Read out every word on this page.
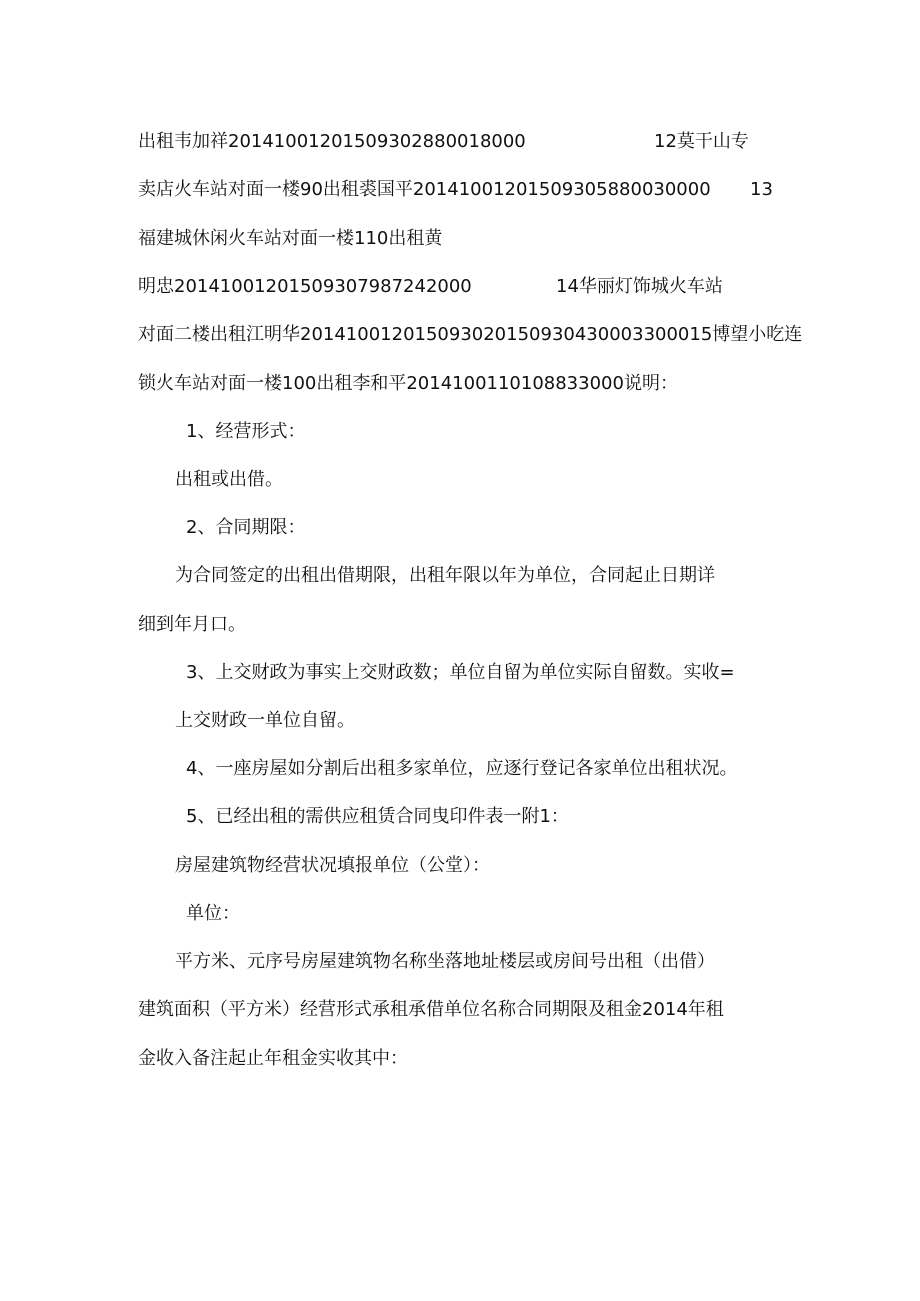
出租韦加祥201410012015093028800180​00	12莫干山专
卖店火车站对面一楼90出租裘国平20141001201509305880030000 13
福建城休闲火车站对面一楼110出租黄
明忠20141001201509307987242000	14华丽灯饰城火车站
对面二楼出租江明华20141001201509302015093043000330001​5博望小吃连
锁火车站对面一楼100出租李和平201410011010883​3000说明：
1、经营形式：
出租或出借。
2、合同期限：
为合同签定的出租出借期限，出租年限以年为单位，合同起止日期详
细到年月口。
3、上交财政为事实上交财政数；单位自留为单位实际自留数。实收=
上交财政一单位自留。
4、一座房屋如分割后出租多家单位，应逐行登记各家单位出租状况。
5、已经出租的需供应租赁合同曳印件表一附1：
房屋建筑物经营状况填报单位（公堂）：
单位：
平方米、元序号房屋建筑物名称坐落地址楼层或房间号出租（出借）
建筑面积（平方米）经营形式承租承借单位名称合同期限及租金2014年租
金收入备注起止年租金实收其中：
